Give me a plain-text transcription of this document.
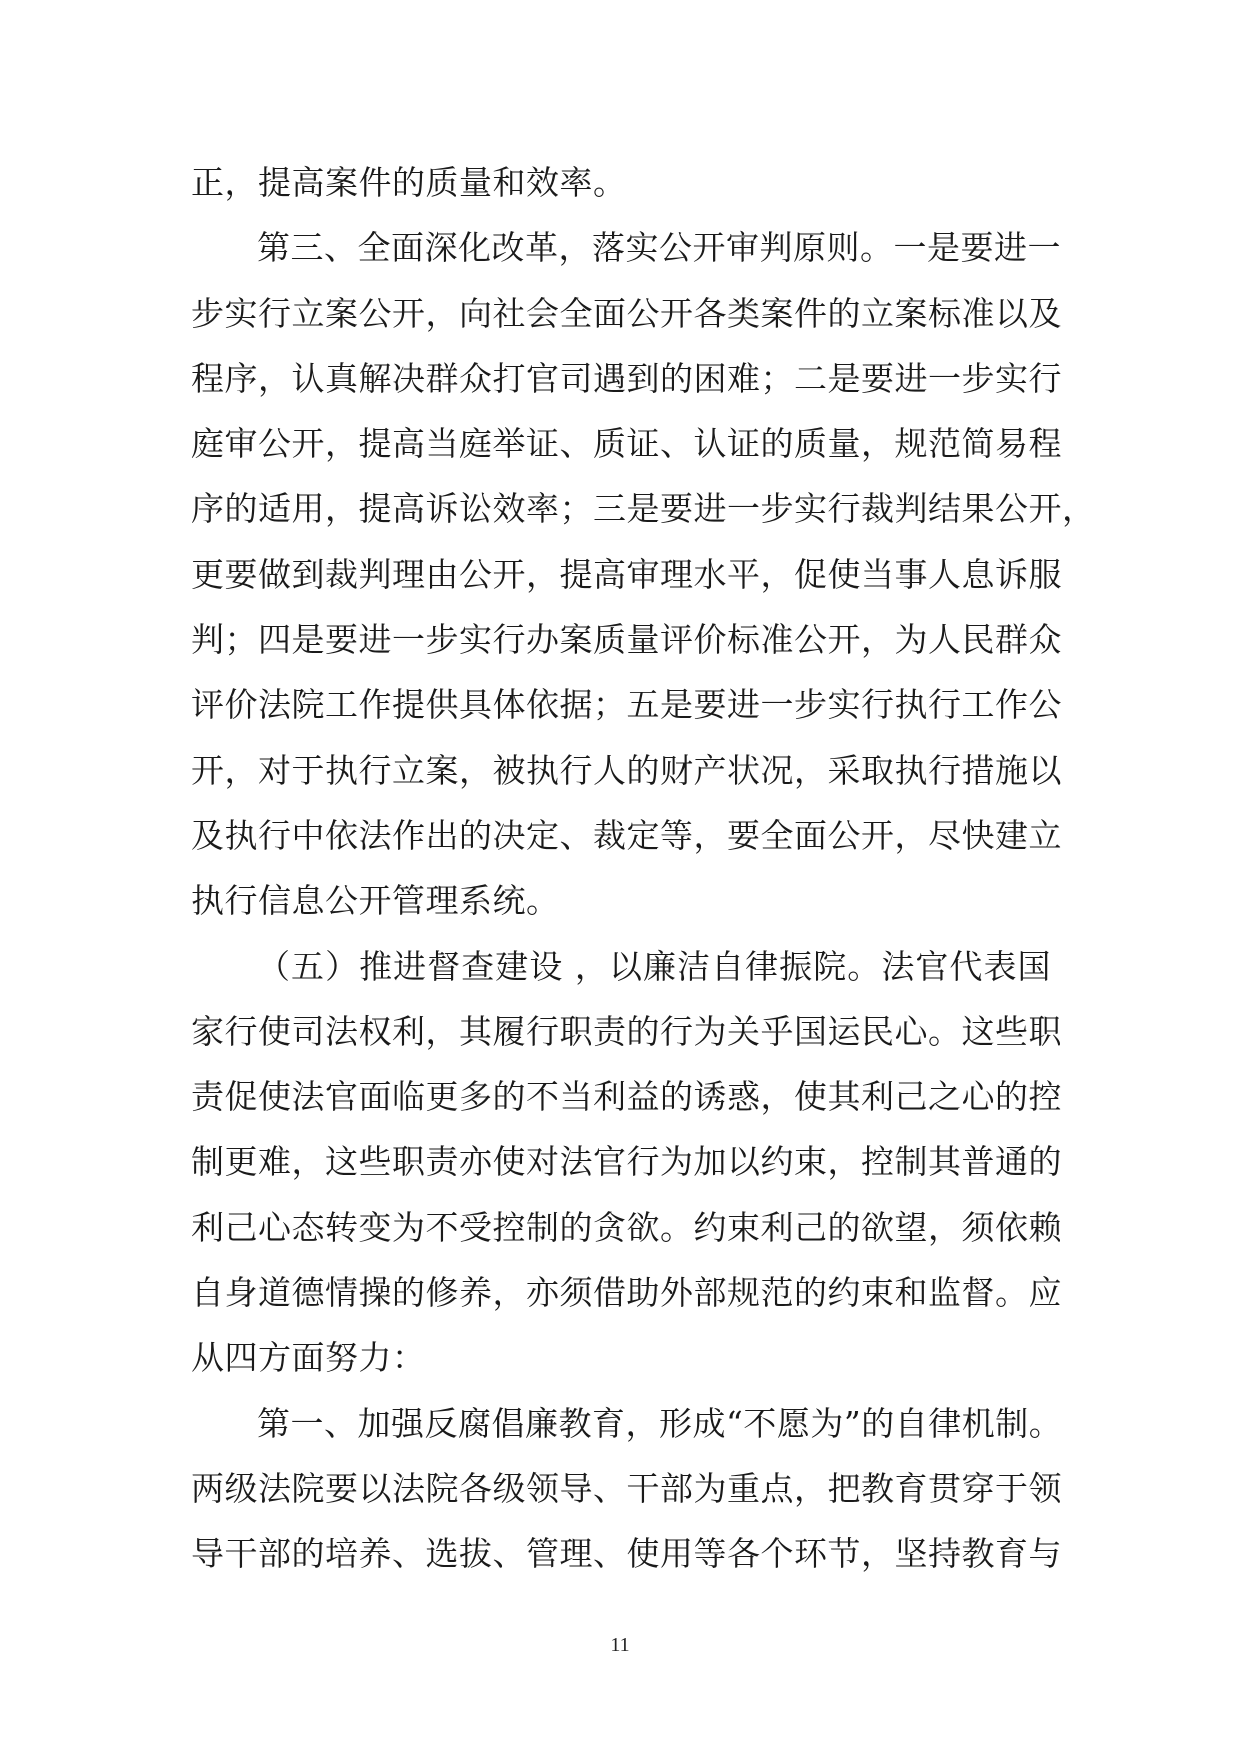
正，提高案件的质量和效率。
第三、全面深化改革，落实公开审判原则。一是要进一
步实行立案公开，向社会全面公开各类案件的立案标准以及
程序，认真解决群众打官司遇到的困难；二是要进一步实行
庭审公开，提高当庭举证、质证、认证的质量，规范简易程
序的适用，提高诉讼效率；三是要进一步实行裁判结果公开，
更要做到裁判理由公开，提高审理水平，促使当事人息诉服
判；四是要进一步实行办案质量评价标准公开，为人民群众
评价法院工作提供具体依据；五是要进一步实行执行工作公
开，对于执行立案，被执行人的财产状况，采取执行措施以
及执行中依法作出的决定、裁定等，要全面公开，尽快建立
执行信息公开管理系统。
（五）推进督查建设 ，以廉洁自律振院。法官代表国
家行使司法权利，其履行职责的行为关乎国运民心。这些职
责促使法官面临更多的不当利益的诱惑，使其利己之心的控
制更难，这些职责亦使对法官行为加以约束，控制其普通的
利己心态转变为不受控制的贪欲。约束利己的欲望，须依赖
自身道德情操的修养，亦须借助外部规范的约束和监督。应
从四方面努力：
第一、加强反腐倡廉教育，形成“不愿为”的自律机制。
两级法院要以法院各级领导、干部为重点，把教育贯穿于领
导干部的培养、选拔、管理、使用等各个环节，坚持教育与
11
